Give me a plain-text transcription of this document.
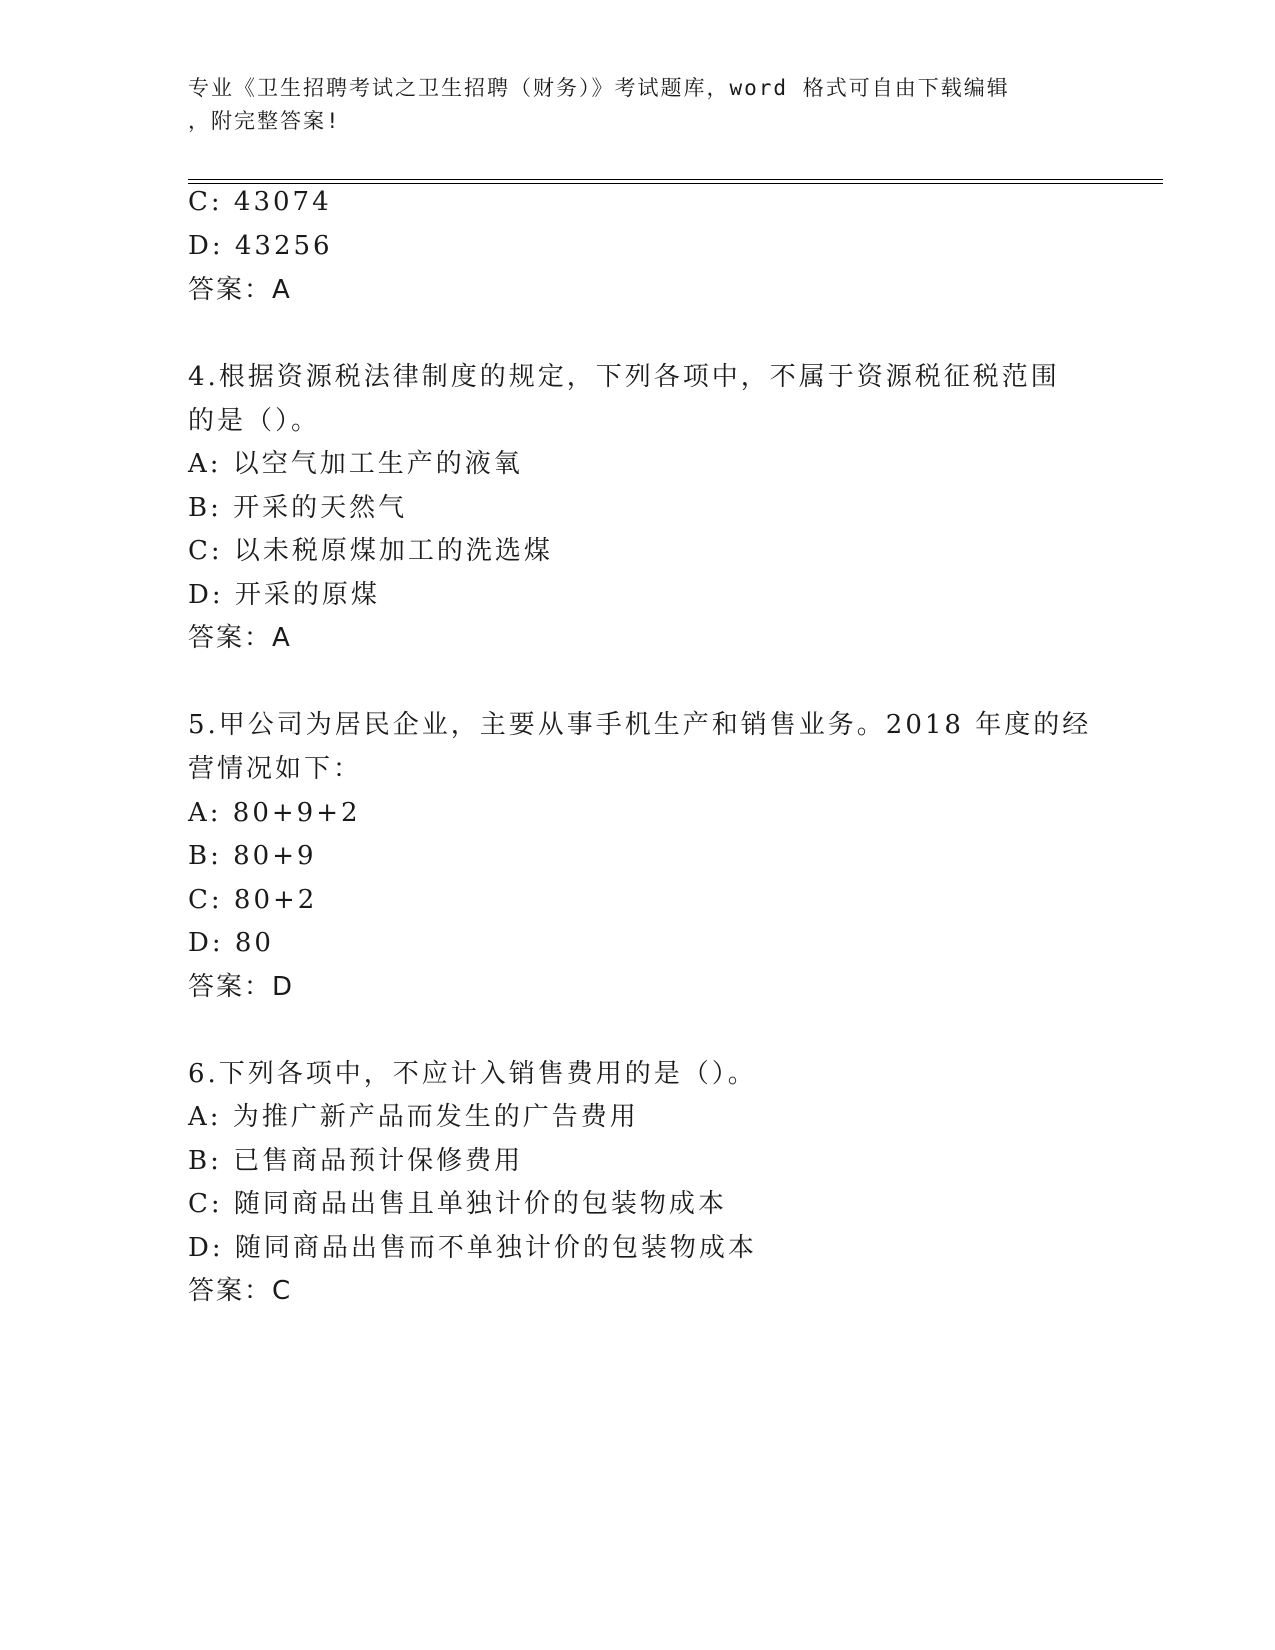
专业《卫生招聘考试之卫生招聘（财务）》考试题库，word 格式可自由下载编辑
，附完整答案!
C: 43074
D: 43256
答案：A
4.根据资源税法律制度的规定，下列各项中，不属于资源税征税范围
的是（）。
A: 以空气加工生产的液氧
B: 开采的天然气
C: 以未税原煤加工的洗选煤
D: 开采的原煤
答案：A
5.甲公司为居民企业，主要从事手机生产和销售业务。2018 年度的经
营情况如下：
A: 80+9+2
B: 80+9
C: 80+2
D: 80
答案：D
6.下列各项中，不应计入销售费用的是（）。
A: 为推广新产品而发生的广告费用
B: 已售商品预计保修费用
C: 随同商品出售且单独计价的包装物成本
D: 随同商品出售而不单独计价的包装物成本
答案：C
